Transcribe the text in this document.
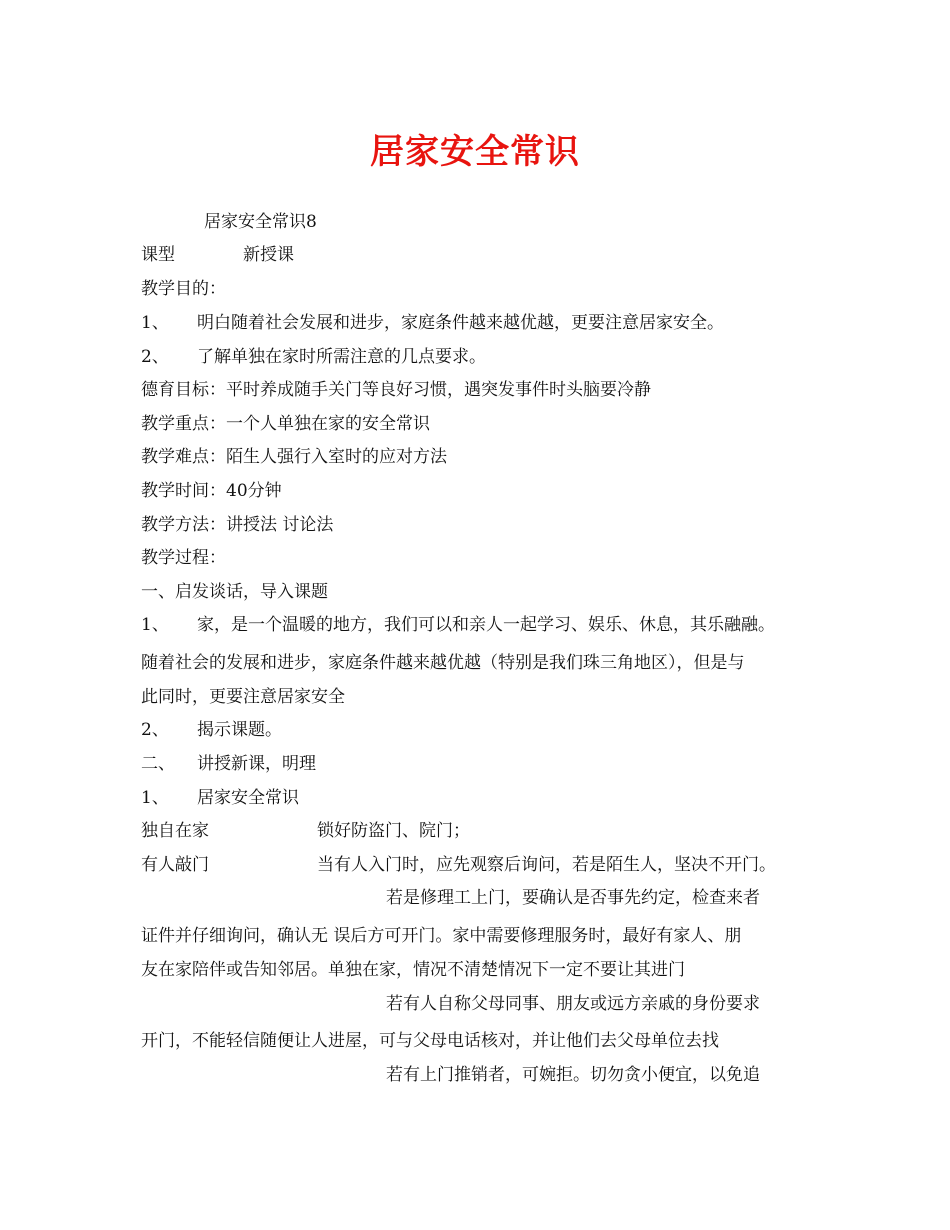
居家安全常识
居家安全常识8
课型	新授课
教学目的：
1、 明白随着社会发展和进步，家庭条件越来越优越，更要注意居家安全。
2、 了解单独在家时所需注意的几点要求。
德育目标：平时养成随手关门等良好习惯，遇突发事件时头脑要冷静
教学重点：一个人单独在家的安全常识
教学难点：陌生人强行入室时的应对方法
教学时间：40分钟
教学方法：讲授法 讨论法
教学过程：
一、启发谈话，导入课题
1、 家，是一个温暖的地方，我们可以和亲人一起学习、娱乐、休息，其乐融融。
随着社会的发展和进步，家庭条件越来越优越（特别是我们珠三角地区），但是与
此同时，更要注意居家安全
2、 揭示课题。
二、 讲授新课，明理
1、 居家安全常识
独自在家	锁好防盗门、院门；
有人敲门	当有人入门时，应先观察后询问，若是陌生人，坚决不开门。
若是修理工上门，要确认是否事先约定，检查来者
证件并仔细询问，确认无 误后方可开门。家中需要修理服务时，最好有家人、朋
友在家陪伴或告知邻居。单独在家，情况不清楚情况下一定不要让其进门
若有人自称父母同事、朋友或远方亲戚的身份要求
开门，不能轻信随便让人进屋，可与父母电话核对，并让他们去父母单位去找
若有上门推销者，可婉拒。切勿贪小便宜，以免追
